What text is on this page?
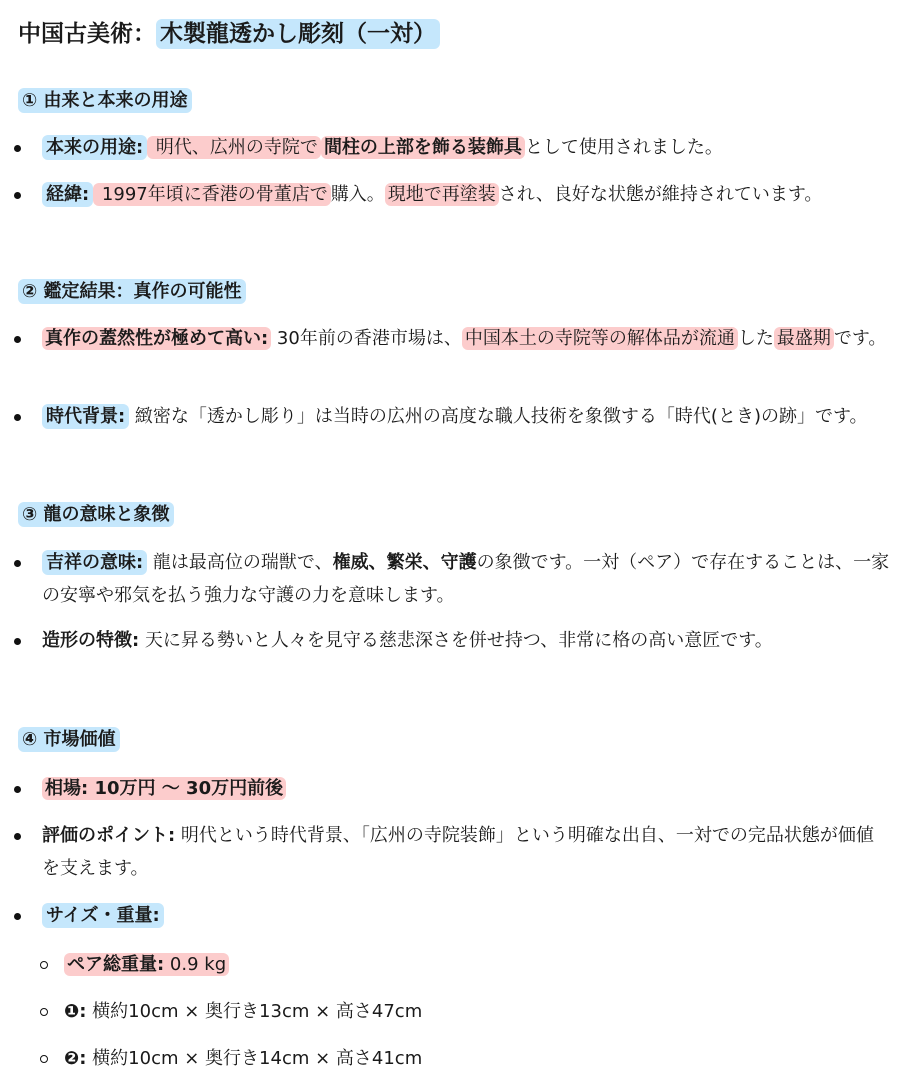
中国古美術： 木製龍透かし彫刻（一対）
① 由来と本来の用途
本来の用途: 明代、広州の寺院で 間柱の上部を飾る装飾具 として使用されました。
経緯: 1997年頃に香港の骨董店で 購入。 現地で再塗装 され、良好な状態が維持されています。
② 鑑定結果：真作の可能性
真作の蓋然性が極めて高い: 30年前の香港市場は、 中国本土の寺院等の解体品が流通 した 最盛期 です。
時代背景: 緻密な「透かし彫り」は当時の広州の高度な職人技術を象徴する「時代(とき)の跡」です。
③ 龍の意味と象徴
吉祥の意味: 龍は最高位の瑞獣で、権威、繁栄、守護の象徴です。一対（ペア）で存在することは、一家の安寧や邪気を払う強力な守護の力を意味します。
造形の特徴: 天に昇る勢いと人々を見守る慈悲深さを併せ持つ、非常に格の高い意匠です。
④ 市場価値
相場: 10万円 〜 30万円前後
評価のポイント: 明代という時代背景、「広州の寺院装飾」という明確な出自、一対での完品状態が価値を支えます。
サイズ・重量:
ペア総重量: 0.9 kg
❶: 横約10cm × 奥行き13cm × 高さ47cm
❷: 横約10cm × 奥行き14cm × 高さ41cm
